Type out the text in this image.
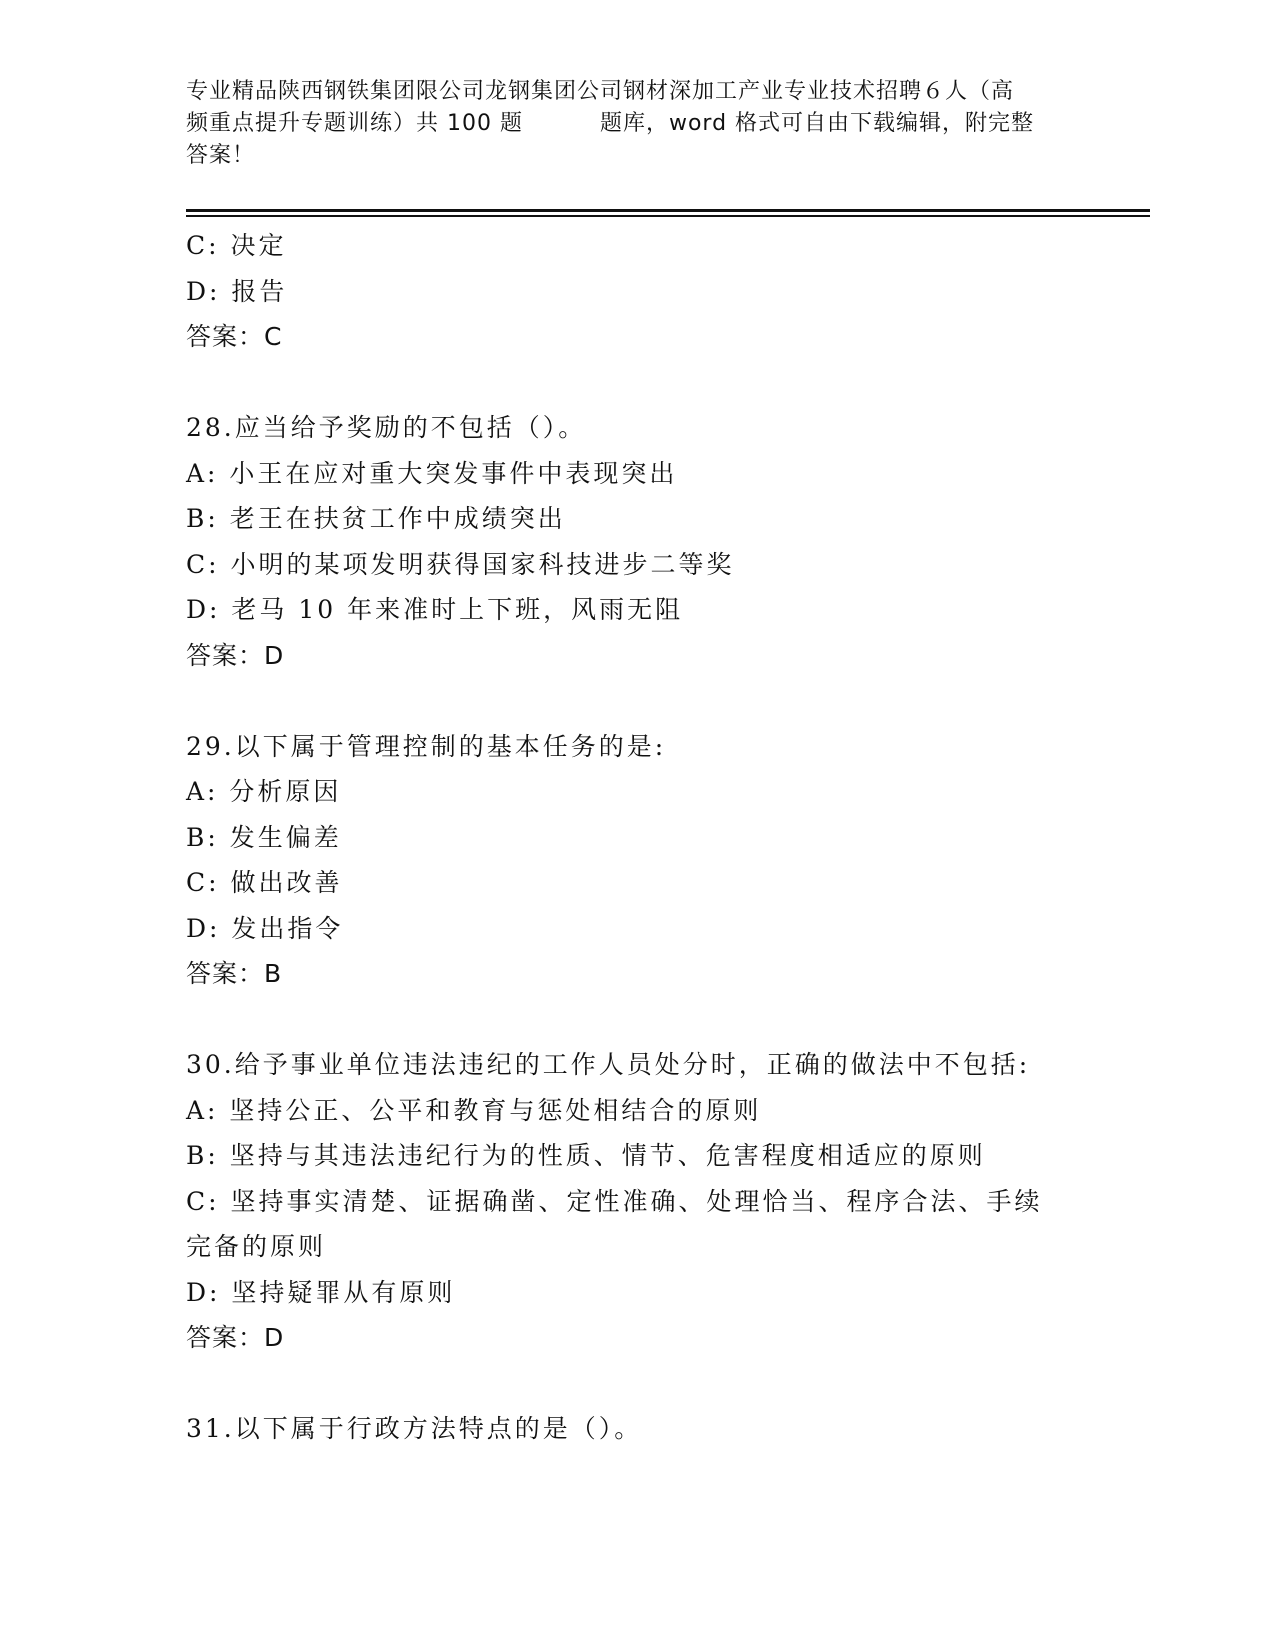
专业精品陕西钢铁集团限公司龙钢集团公司钢材深加工产业专业技术招聘６人（高
频重点提升专题训练）共 100 题　　　 题库，word 格式可自由下载编辑，附完整
答案！
C: 决定
D: 报告
答案：C
28.应当给予奖励的不包括（）。
A: 小王在应对重大突发事件中表现突出
B: 老王在扶贫工作中成绩突出
C: 小明的某项发明获得国家科技进步二等奖
D: 老马 10 年来准时上下班，风雨无阻
答案：D
29.以下属于管理控制的基本任务的是:
A: 分析原因
B: 发生偏差
C: 做出改善
D: 发出指令
答案：B
30.给予事业单位违法违纪的工作人员处分时，正确的做法中不包括:
A: 坚持公正、公平和教育与惩处相结合的原则
B: 坚持与其违法违纪行为的性质、情节、危害程度相适应的原则
C: 坚持事实清楚、证据确凿、定性准确、处理恰当、程序合法、手续
完备的原则
D: 坚持疑罪从有原则
答案：D
31.以下属于行政方法特点的是（）。
